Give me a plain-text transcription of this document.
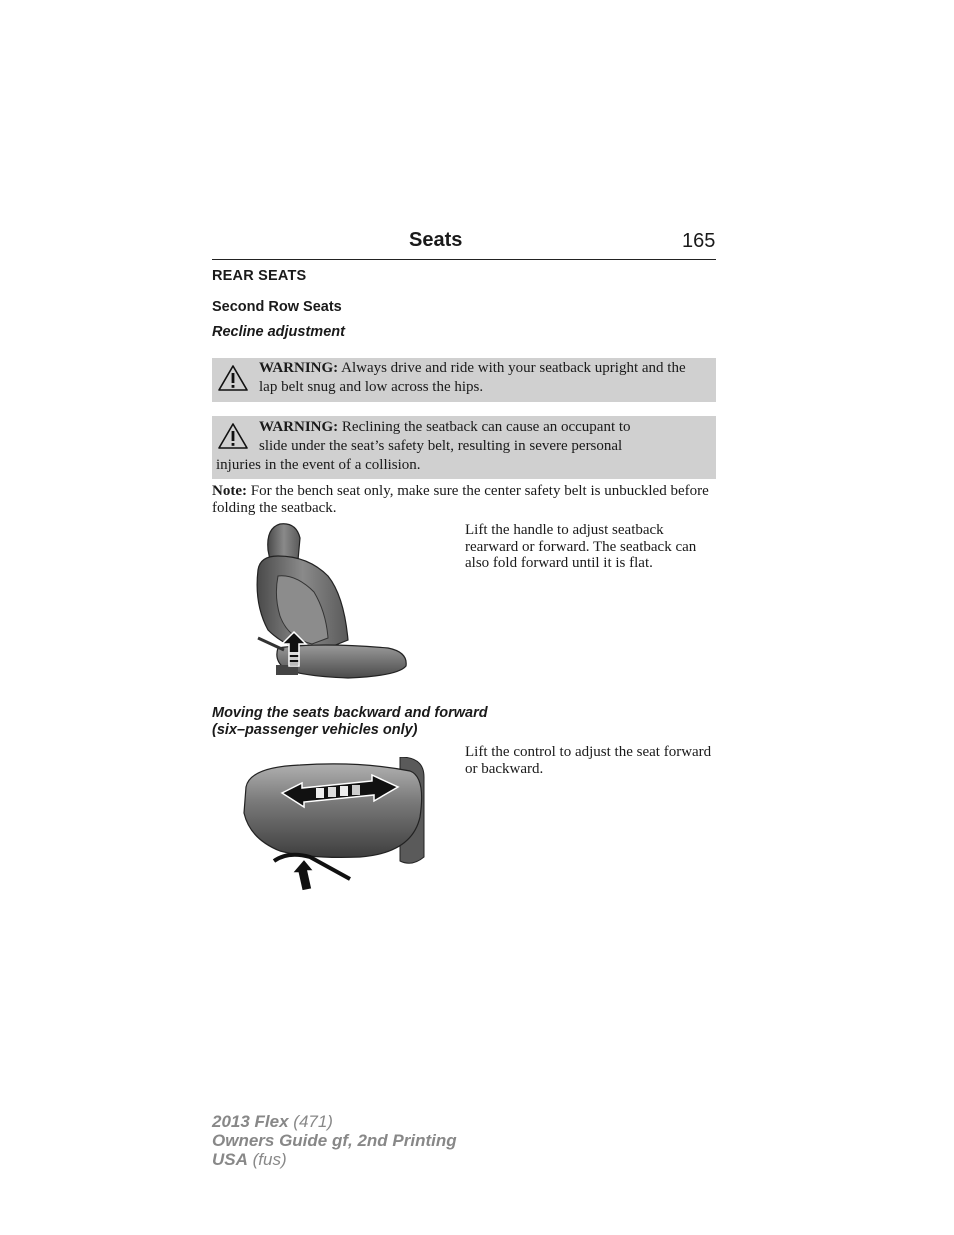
Seats	165
REAR SEATS
Second Row Seats
Recline adjustment
WARNING: Always drive and ride with your seatback upright and the lap belt snug and low across the hips.
WARNING: Reclining the seatback can cause an occupant to
slide under the seat’s safety belt, resulting in severe personal
injuries in the event of a collision.
Note: For the bench seat only, make sure the center safety belt is unbuckled before folding the seatback.
Lift the handle to adjust seatback rearward or forward. The seatback can also fold forward until it is flat.
Moving the seats backward and forward
(six–passenger vehicles only)
Lift the control to adjust the seat forward or backward.
2013 Flex (471)
Owners Guide gf, 2nd Printing
USA (fus)
